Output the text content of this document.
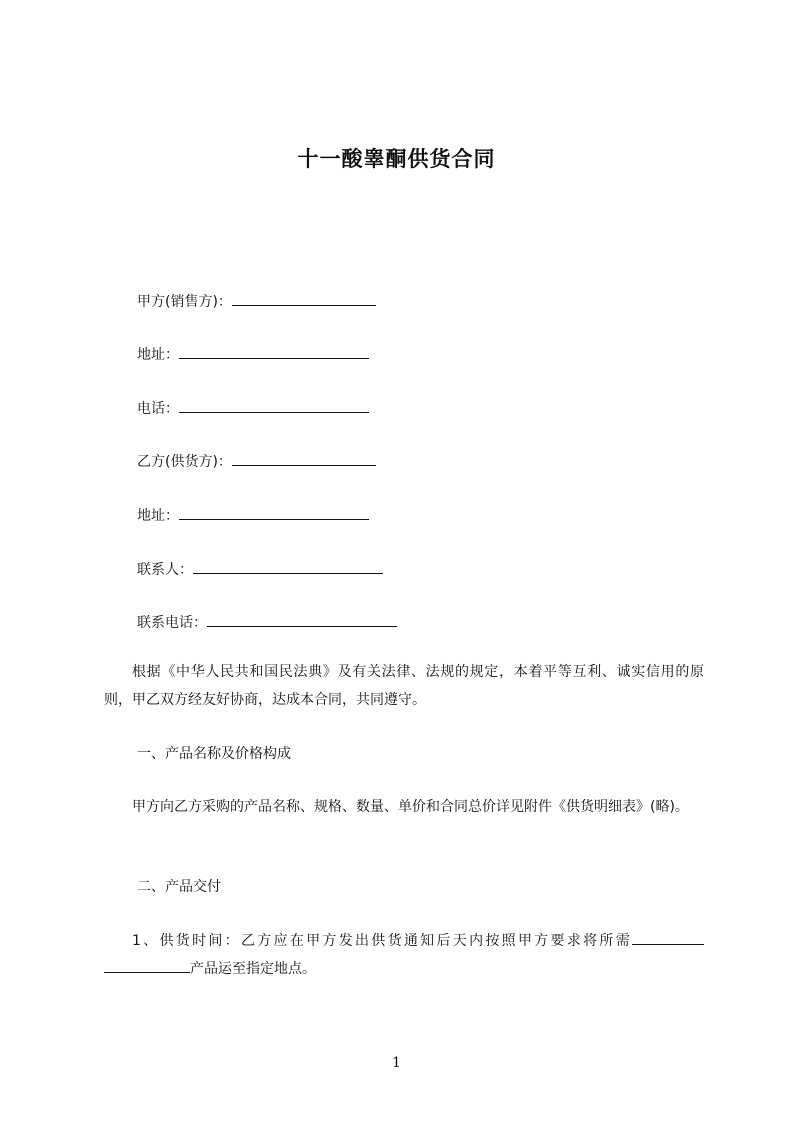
十一酸睾酮供货合同
甲方(销售方)：
地址：
电话：
乙方(供货方)：
地址：
联系人：
联系电话：
根据《中华人民共和国民法典》及有关法律、法规的规定，本着平等互利、诚实信用的原则，甲乙双方经友好协商，达成本合同，共同遵守。
一、产品名称及价格构成
甲方向乙方采购的产品名称、规格、数量、单价和合同总价详见附件《供货明细表》(略)。
二、产品交付
1、供货时间：乙方应在甲方发出供货通知后天内按照甲方要求将所需产品运至指定地点。
1
